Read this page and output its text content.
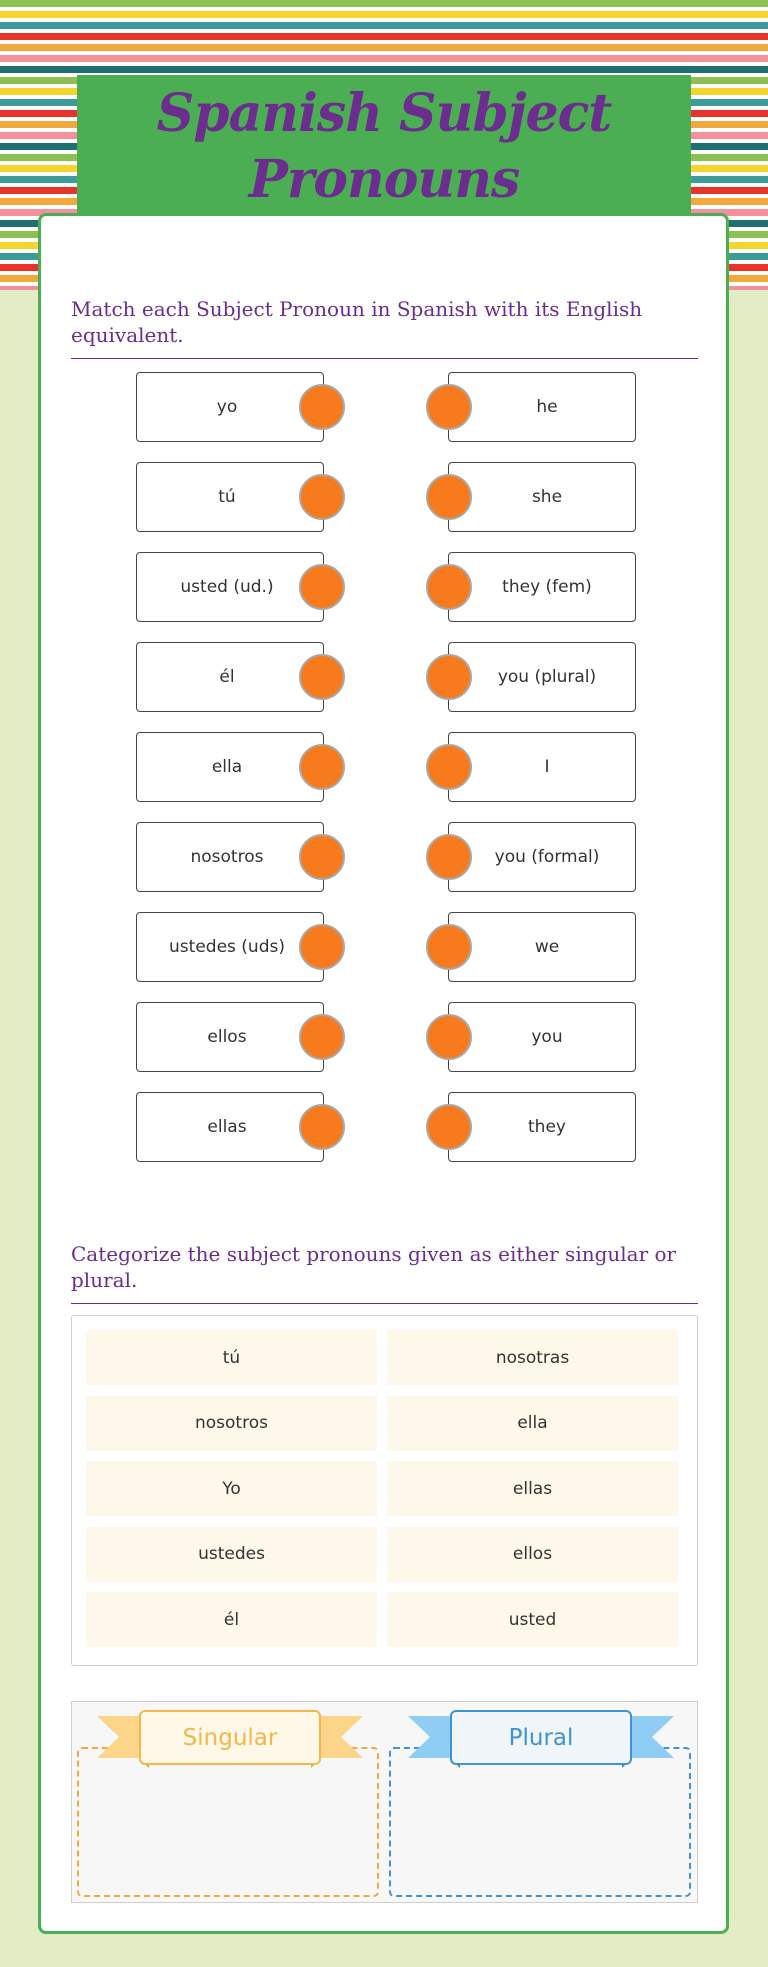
Spanish Subject Pronouns
Match each Subject Pronoun in Spanish with its English equivalent.
yo	he
tú	she
usted (ud.)	they (fem)
él	you (plural)
ella	I
nosotros	you (formal)
ustedes (uds)	we
ellos	you
ellas	they
Categorize the subject pronouns given as either singular or plural.
tú	nosotras
nosotros	ella
Yo	ellas
ustedes	ellos
él	usted
Singular	Plural
